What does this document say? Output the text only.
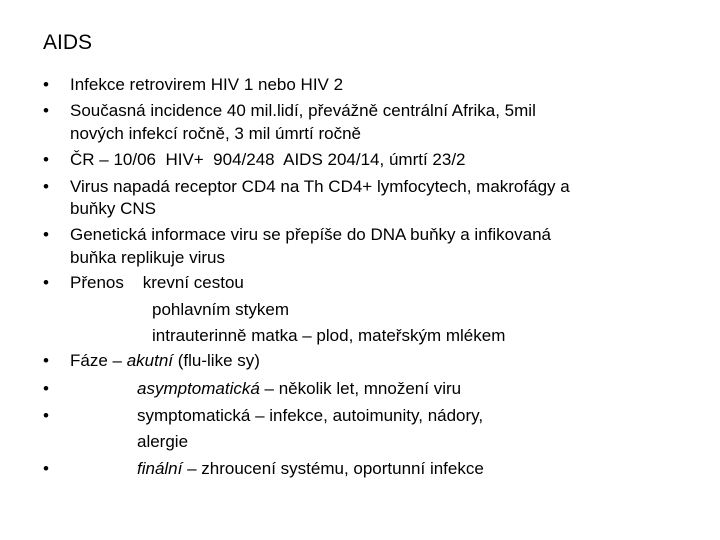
AIDS
• Infekce retrovirem HIV 1 nebo HIV 2
• Současná incidence 40 mil.lidí, převážně centrální Afrika, 5mil
nových infekcí ročně, 3 mil úmrtí ročně
• ČR – 10/06  HIV+  904/248  AIDS 204/14, úmrtí 23/2
• Virus napadá receptor CD4 na Th CD4+ lymfocytech, makrofágy a
buňky CNS
• Genetická informace viru se přepíše do DNA buňky a infikovaná
buňka replikuje virus
• Přenos    krevní cestou
pohlavním stykem
intrauterinně matka – plod, mateřským mlékem
• Fáze – akutní (flu-like sy)
•	asymptomatická – několik let, množení viru
•	symptomatická – infekce, autoimunity, nádory,
alergie
•	finální – zhroucení systému, oportunní infekce
